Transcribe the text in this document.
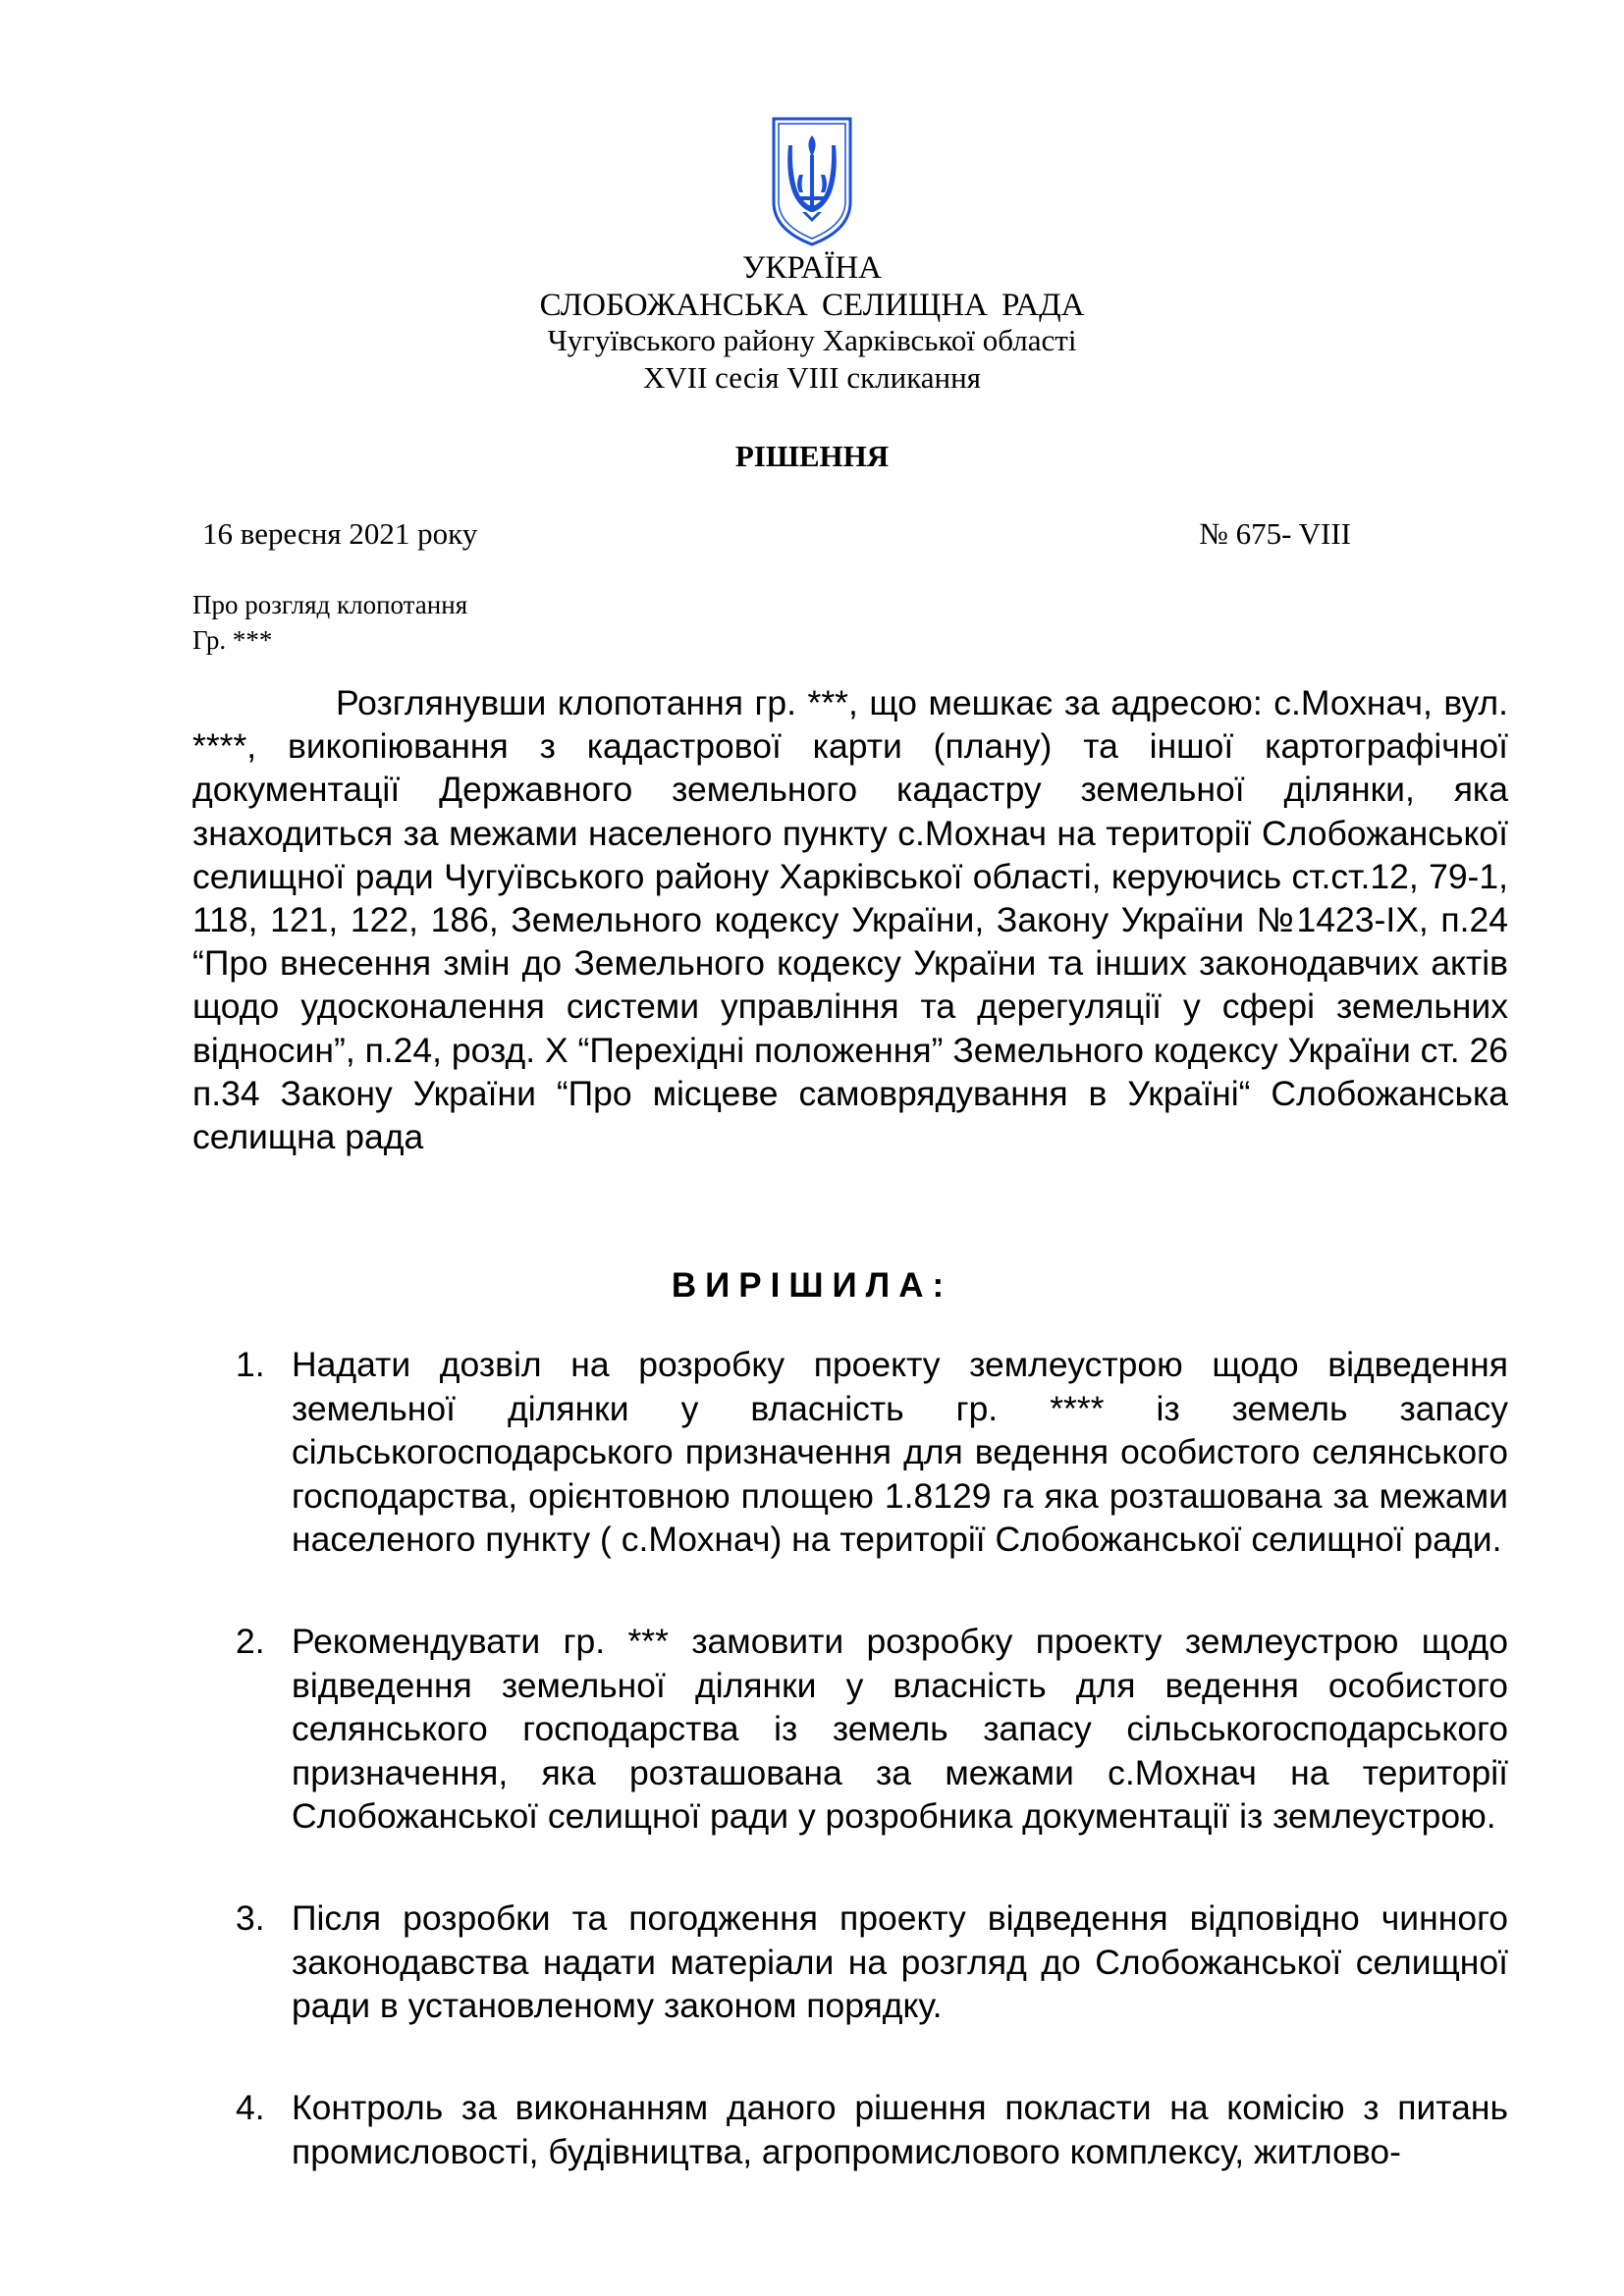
УКРАЇНА
СЛОБОЖАНСЬКА СЕЛИЩНА РАДА
Чугуївського району Харківської області
XVII сесія VIII скликання
РІШЕННЯ
16 вересня 2021 року	№ 675- VIII
Про розгляд клопотання
Гр. ***

Розглянувши клопотання гр. ***, що мешкає за адресою: с.Мохнач, вул. ****, викопіювання з кадастрової карти (плану) та іншої картографічної документації Державного земельного кадастру земельної ділянки, яка знаходиться за межами населеного пункту с.Мохнач на території Слобожанської селищної ради Чугуївського району Харківської області, керуючись ст.ст.12, 79-1, 118, 121, 122, 186, Земельного кодексу України, Закону України №1423-IX, п.24 “Про внесення змін до Земельного кодексу України та інших законодавчих актів щодо удосконалення системи управління та дерегуляції у сфері земельних відносин”, п.24, розд. Х “Перехідні положення” Земельного кодексу України ст. 26 п.34 Закону України “Про місцеве самоврядування в Україні“ Слобожанська селищна рада

ВИРІШИЛА:
1. Надати дозвіл на розробку проекту землеустрою щодо відведення земельної ділянки у власність гр. **** із земель запасу сільськогосподарського призначення для ведення особистого селянського господарства, орієнтовною площею 1.8129 га яка розташована за межами населеного пункту ( с.Мохнач) на території Слобожанської селищної ради.
2. Рекомендувати гр. *** замовити розробку проекту землеустрою щодо відведення земельної ділянки у власність для ведення особистого селянського господарства із земель запасу сільськогосподарського призначення, яка розташована за межами с.Мохнач на території Слобожанської селищної ради у розробника документації із землеустрою.
3. Після розробки та погодження проекту відведення відповідно чинного законодавства надати матеріали на розгляд до Слобожанської селищної ради в установленому законом порядку.
4. Контроль за виконанням даного рішення покласти на комісію з питань промисловості, будівництва, агропромислового комплексу, житлово-
